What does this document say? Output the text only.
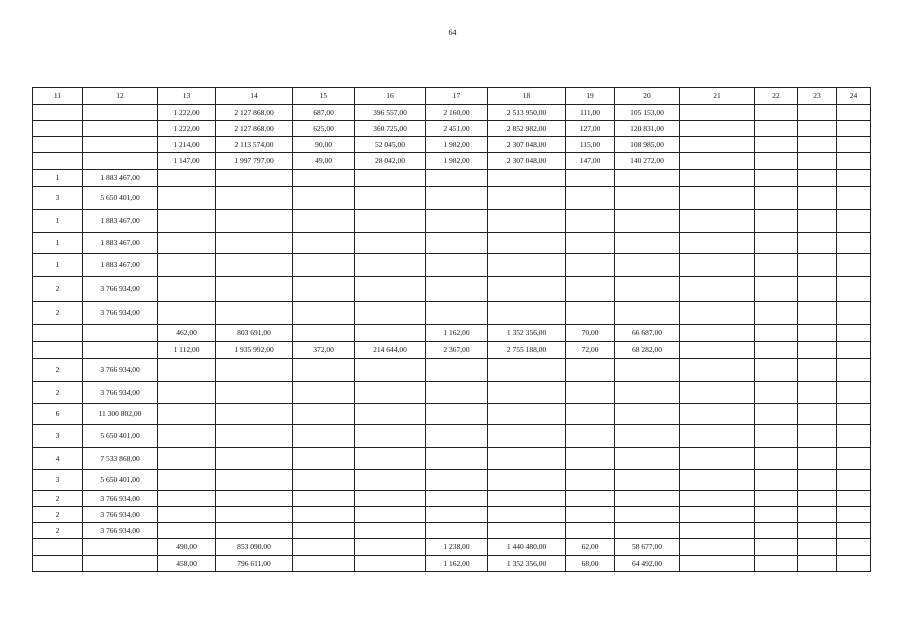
64
11	12	13	14	15	16	17	18	19	20	21	22	23	24
		1 222,00	2 127 868,00	687,00	396 557,00	2 160,00	2 513 950,00	111,00	105 153,00				
		1 222,00	2 127 868,00	625,00	360 725,00	2 451,00	2 852 982,00	127,00	120 831,00				
		1 214,00	2 113 574,00	90,00	52 045,00	1 982,00	2 307 048,00	115,00	108 985,00				
		1 147,00	1 997 797,00	49,00	28 042,00	1 982,00	2 307 048,00	147,00	140 272,00				
1	1 883 467,00												
3	5 650 401,00												
1	1 883 467,00												
1	1 883 467,00												
1	1 883 467,00												
2	3 766 934,00												
2	3 766 934,00												
		462,00	803 691,00			1 162,00	1 352 356,00	70,00	66 687,00				
		1 112,00	1 935 992,00	372,00	214 644,00	2 367,00	2 755 188,00	72,00	68 282,00				
2	3 766 934,00												
2	3 766 934,00												
6	11 300 802,00												
3	5 650 401,00												
4	7 533 868,00												
3	5 650 401,00												
2	3 766 934,00												
2	3 766 934,00												
2	3 766 934,00												
		490,00	853 090,00			1 238,00	1 440 480,00	62,00	58 677,00				
		458,00	796 611,00			1 162,00	1 352 356,00	68,00	64 492,00				
